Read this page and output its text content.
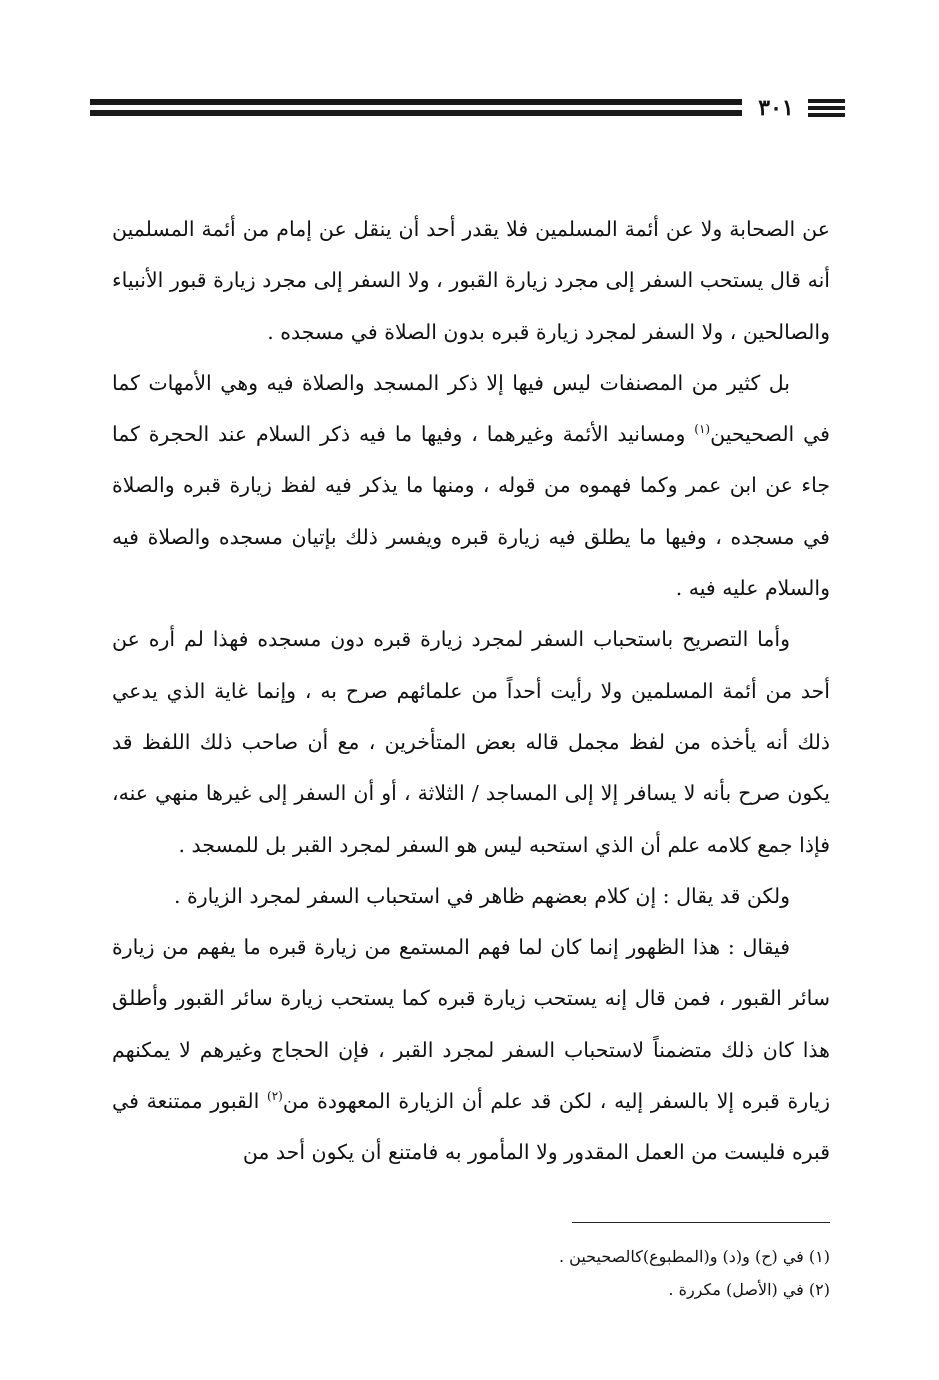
٣٠١

عن الصحابة ولا عن أئمة المسلمين فلا يقدر أحد أن ينقل عن إمام من أئمة المسلمين أنه قال يستحب السفر إلى مجرد زيارة القبور ، ولا السفر إلى مجرد زيارة قبور الأنبياء والصالحين ، ولا السفر لمجرد زيارة قبره بدون الصلاة في مسجده .

بل كثير من المصنفات ليس فيها إلا ذكر المسجد والصلاة فيه وهي الأمهات كما في الصحيحين$^{(١)}$ ومسانيد الأئمة وغيرهما ، وفيها ما فيه ذكر السلام عند الحجرة كما جاء عن ابن عمر وكما فهموه من قوله ، ومنها ما يذكر فيه لفظ زيارة قبره والصلاة في مسجده ، وفيها ما يطلق فيه زيارة قبره ويفسر ذلك بإتيان مسجده والصلاة فيه والسلام عليه فيه .

وأما التصريح باستحباب السفر لمجرد زيارة قبره دون مسجده فهذا لم أره عن أحد من أئمة المسلمين ولا رأيت أحداً من علمائهم صرح به ، وإنما غاية الذي يدعي ذلك أنه يأخذه من لفظ مجمل قاله بعض المتأخرين ، مع أن صاحب ذلك اللفظ قد يكون صرح بأنه لا يسافر إلا إلى المساجد / الثلاثة ، أو أن السفر إلى غيرها منهي عنه، فإذا جمع كلامه علم أن الذي استحبه ليس هو السفر لمجرد القبر بل للمسجد .

ولكن قد يقال : إن كلام بعضهم ظاهر في استحباب السفر لمجرد الزيارة .

فيقال : هذا الظهور إنما كان لما فهم المستمع من زيارة قبره ما يفهم من زيارة سائر القبور ، فمن قال إنه يستحب زيارة قبره كما يستحب زيارة سائر القبور وأطلق هذا كان ذلك متضمناً لاستحباب السفر لمجرد القبر ، فإن الحجاج وغيرهم لا يمكنهم زيارة قبره إلا بالسفر إليه ، لكن قد علم أن الزيارة المعهودة من$^{(٢)}$ القبور ممتنعة في قبره فليست من العمل المقدور ولا المأمور به فامتنع أن يكون أحد من

(١) في (ح) و(د) و(المطبوع)كالصحيحين .

(٢) في (الأصل) مكررة .
